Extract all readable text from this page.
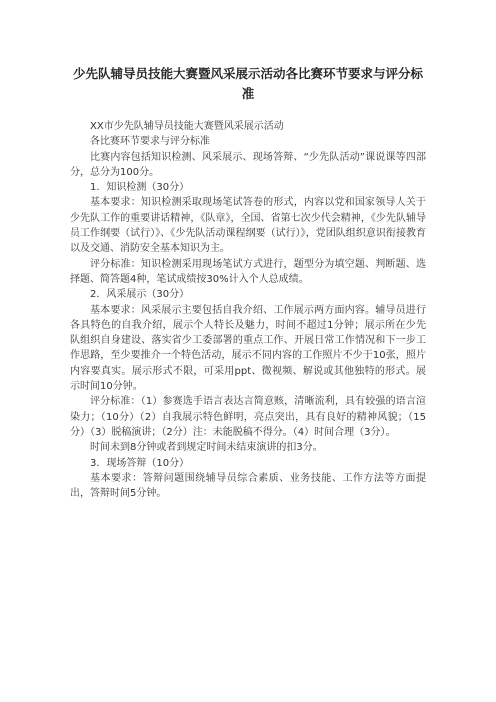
少先队辅导员技能大赛暨风采展示活动各比赛环节要求与评分标准

XX市少先队辅导员技能大赛暨风采展示活动

各比赛环节要求与评分标准

比赛内容包括知识检测、风采展示、现场答辩、“少先队活动”课说课等四部分，总分为100分。

1．知识检测（30分）

基本要求：知识检测采取现场笔试答卷的形式，内容以党和国家领导人关于少先队工作的重要讲话精神，《队章》，全国、省第七次少代会精神，《少先队辅导员工作纲要（试行）》、《少先队活动课程纲要（试行）》，党团队组织意识衔接教育以及交通、消防安全基本知识为主。

评分标准：知识检测采用现场笔试方式进行，题型分为填空题、判断题、选择题、简答题4种，笔试成绩按30%计入个人总成绩。

2．风采展示（30分）

基本要求：风采展示主要包括自我介绍、工作展示两方面内容。辅导员进行各具特色的自我介绍，展示个人特长及魅力，时间不超过1分钟；展示所在少先队组织自身建设、落实省少工委部署的重点工作、开展日常工作情况和下一步工作思路，至少要推介一个特色活动，展示不同内容的工作照片不少于10张，照片内容要真实。展示形式不限，可采用ppt、微视频、解说或其他独特的形式。展示时间10分钟。

评分标准：（1）参赛选手语言表达言简意赅，清晰流利，具有较强的语言渲染力；（10分）（2）自我展示特色鲜明，亮点突出，具有良好的精神风貌；（15分）（3）脱稿演讲；（2分）注：未能脱稿不得分。（4）时间合理（3分）。

时间未到8分钟或者到规定时间未结束演讲的扣3分。

3．现场答辩（10分）

基本要求：答辩问题围绕辅导员综合素质、业务技能、工作方法等方面提出，答辩时间5分钟。
